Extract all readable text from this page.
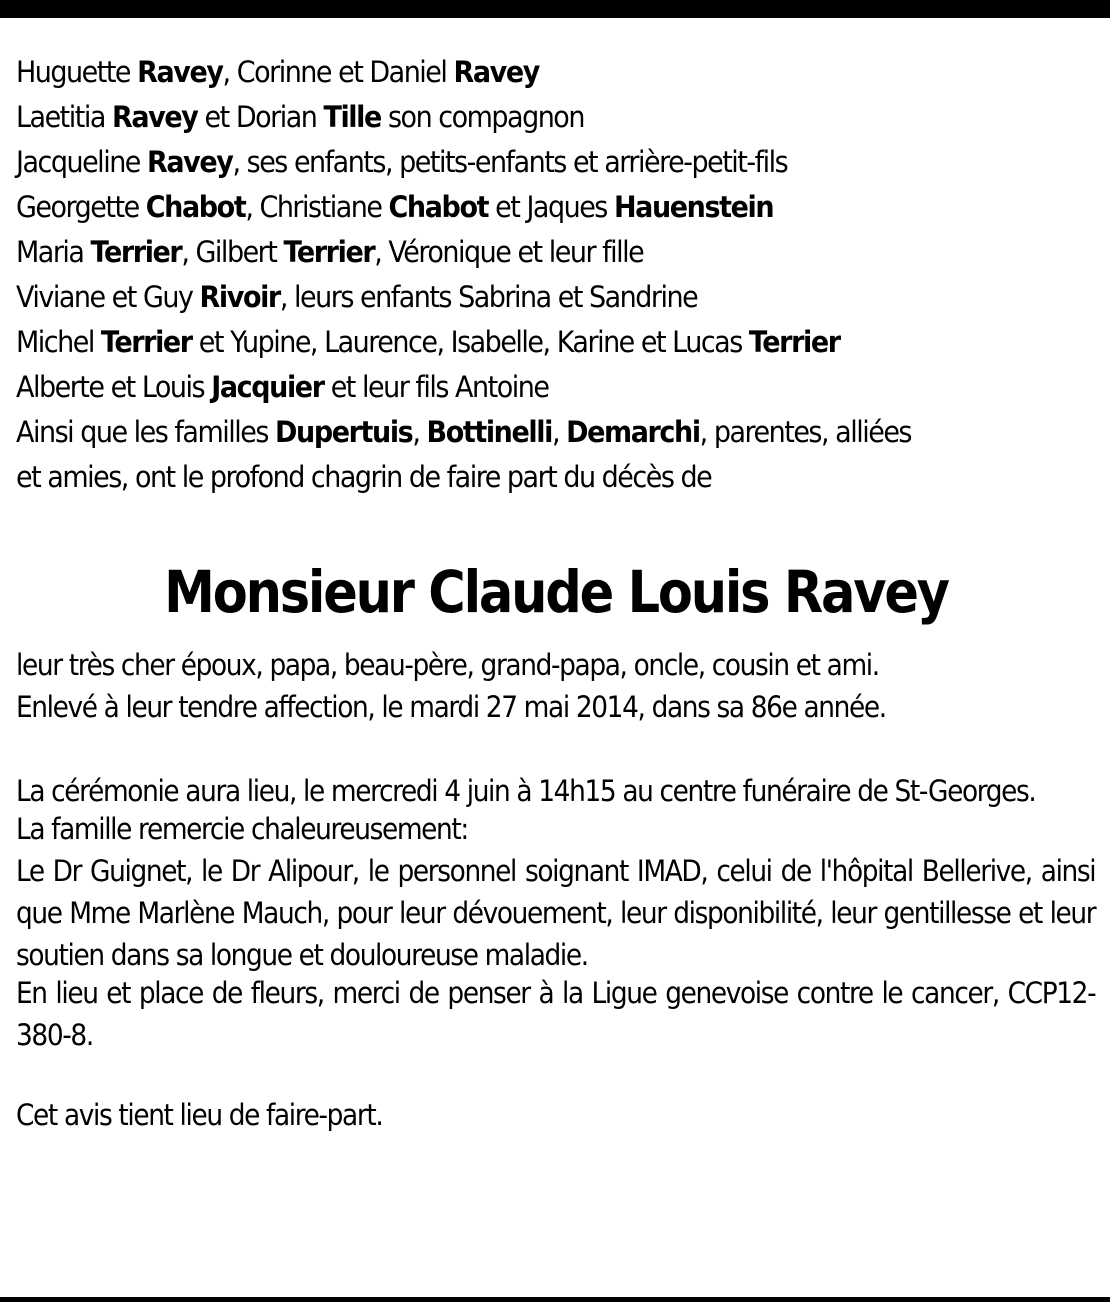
Huguette Ravey, Corinne et Daniel Ravey
Laetitia Ravey et Dorian Tille son compagnon
Jacqueline Ravey, ses enfants, petits-enfants et arrière-petit-fils
Georgette Chabot, Christiane Chabot et Jaques Hauenstein
Maria Terrier, Gilbert Terrier, Véronique et leur fille
Viviane et Guy Rivoir, leurs enfants Sabrina et Sandrine
Michel Terrier et Yupine, Laurence, Isabelle, Karine et Lucas Terrier
Alberte et Louis Jacquier et leur fils Antoine
Ainsi que les familles Dupertuis, Bottinelli, Demarchi, parentes, alliées
et amies, ont le profond chagrin de faire part du décès de
Monsieur Claude Louis Ravey
leur très cher époux, papa, beau-père, grand-papa, oncle, cousin et ami.
Enlevé à leur tendre affection, le mardi 27 mai 2014, dans sa 86e année.
La cérémonie aura lieu, le mercredi 4 juin à 14h15 au centre funéraire de St-Georges.
La famille remercie chaleureusement:
Le Dr Guignet, le Dr Alipour, le personnel soignant IMAD, celui de l'hôpital Bellerive, ainsi que Mme Marlène Mauch, pour leur dévouement, leur disponibilité, leur gentillesse et leur soutien dans sa longue et douloureuse maladie.
En lieu et place de fleurs, merci de penser à la Ligue genevoise contre le cancer, CCP12-380-8.
Cet avis tient lieu de faire-part.
